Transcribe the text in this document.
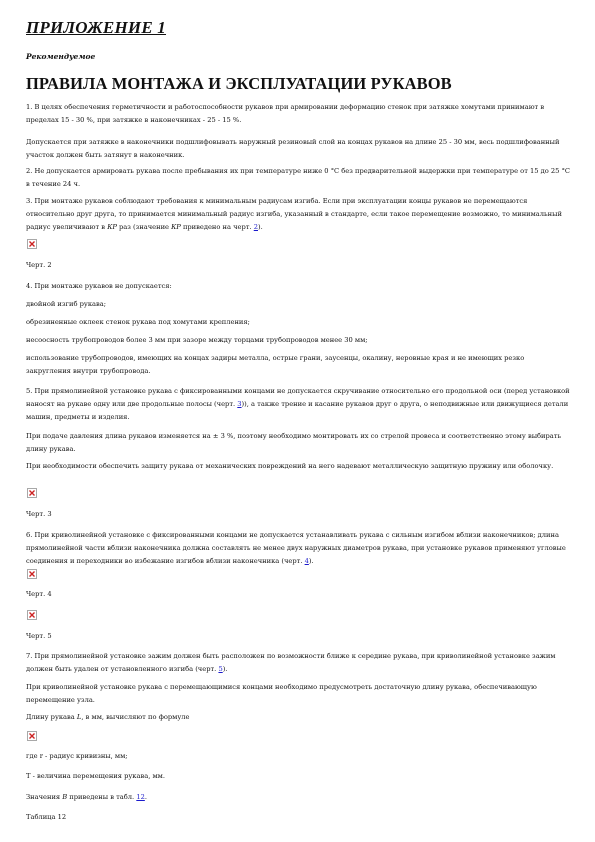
ПРИЛОЖЕНИЕ 1

Рекомендуемое

ПРАВИЛА МОНТАЖА И ЭКСПЛУАТАЦИИ РУКАВОВ

1. В целях обеспечения герметичности и работоспособности рукавов при армировании деформацию стенок при затяжке хомутами принимают в пределах 15 - 30 %, при затяжке в наконечниках - 25 - 15 %.

Допускается при затяжке в наконечники подшлифовывать наружный резиновый слой на концах рукавов на длине 25 - 30 мм, весь подшлифованный участок должен быть затянут в наконечник.

2. Не допускается армировать рукава после пребывания их при температуре ниже 0 °С без предварительной выдержки при температуре от 15 до 25 °С в течение 24 ч.

3. При монтаже рукавов соблюдают требования к минимальным радиусам изгиба. Если при эксплуатации концы рукавов не перемещаются относительно друг друга, то принимается минимальный радиус изгиба, указанный в стандарте, если такое перемещение возможно, то минимальный радиус увеличивают в КР раз (значение КР приведено на черт. 2).

Черт. 2

4. При монтаже рукавов не допускается:

двойной изгиб рукава;

обрезиненные оклеек стенок рукава под хомутами крепления;

несоосность трубопроводов более 3 мм при зазоре между торцами трубопроводов менее 30 мм;

использование трубопроводов, имеющих на концах задиры металла, острые грани, заусенцы, окалину, неровные края и не имеющих резко закругления внутри трубопровода.

5. При прямолинейной установке рукава с фиксированными концами не допускается скручивание относительно его продольной оси (перед установкой наносят на рукаве одну или две продольные полосы (черт. 3)), а также трение и касание рукавов друг о друга, о неподвижные или движущиеся детали машин, предметы и изделия.

При подаче давления длина рукавов изменяется на ± 3 %, поэтому необходимо монтировать их со стрелой провеса и соответственно этому выбирать длину рукава.

При необходимости обеспечить защиту рукава от механических повреждений на него надевают металлическую защитную пружину или оболочку.

Черт. 3

6. При криволинейной установке с фиксированными концами не допускается устанавливать рукава с сильным изгибом вблизи наконечников; длина прямолинейной части вблизи наконечника должна составлять не менее двух наружных диаметров рукава, при установке рукавов применяют угловые соединения и переходники во избежание изгибов вблизи наконечника (черт. 4).

Черт. 4

Черт. 5

7. При прямолинейной установке зажим должен быть расположен по возможности ближе к середине рукава, при криволинейной установке зажим должен быть удален от установленного изгиба (черт. 5).

При криволинейной установке рукава с перемещающимися концами необходимо предусмотреть достаточную длину рукава, обеспечивающую перемещение узла.

Длину рукава L, в мм, вычисляют по формуле

где r - радиус кривизны, мм;

T - величина перемещения рукава, мм.

Значения B приведены в табл. 12.

Таблица 12
